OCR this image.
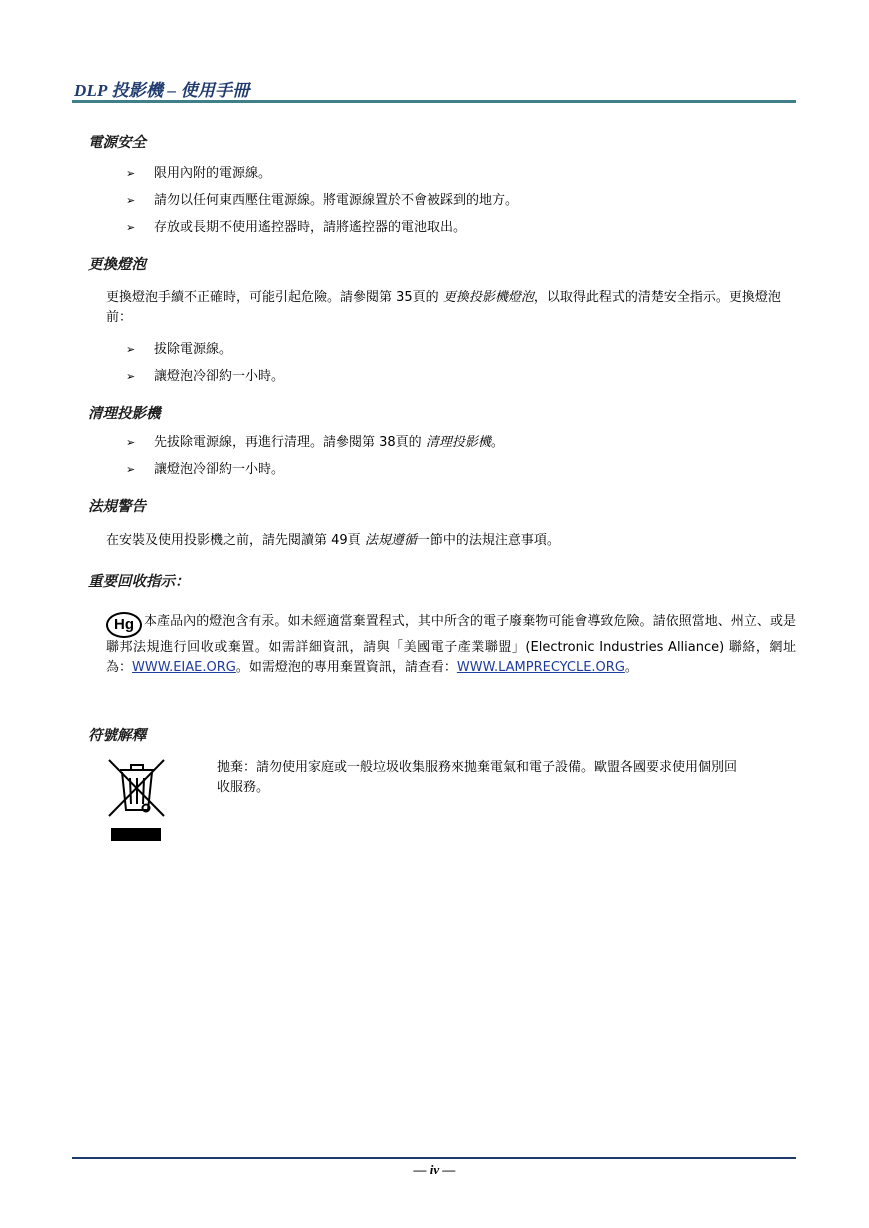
DLP 投影機 – 使用手冊
電源安全
➢ 限用內附的電源線。
➢ 請勿以任何東西壓住電源線。將電源線置於不會被踩到的地方。
➢ 存放或長期不使用遙控器時，請將遙控器的電池取出。
更換燈泡
更換燈泡手續不正確時，可能引起危險。請參閱第 35頁的 更換投影機燈泡，以取得此程式的清楚安全指示。更換燈泡前：
➢ 拔除電源線。
➢ 讓燈泡冷卻約一小時。
清理投影機
➢ 先拔除電源線，再進行清理。請參閱第 38頁的 清理投影機。
➢ 讓燈泡冷卻約一小時。
法規警告
在安裝及使用投影機之前，請先閱讀第 49頁 法規遵循一節中的法規注意事項。
重要回收指示：
Hg 本產品內的燈泡含有汞。如未經適當棄置程式，其中所含的電子廢棄物可能會導致危險。請依照當地、州立、或是聯邦法規進行回收或棄置。如需詳細資訊，請與「美國電子產業聯盟」(Electronic Industries Alliance) 聯絡，網址為：WWW.EIAE.ORG。如需燈泡的專用棄置資訊，請查看：WWW.LAMPRECYCLE.ORG。
符號解釋
拋棄：請勿使用家庭或一般垃圾收集服務來拋棄電氣和電子設備。歐盟各國要求使用個別回收服務。
— iv —
